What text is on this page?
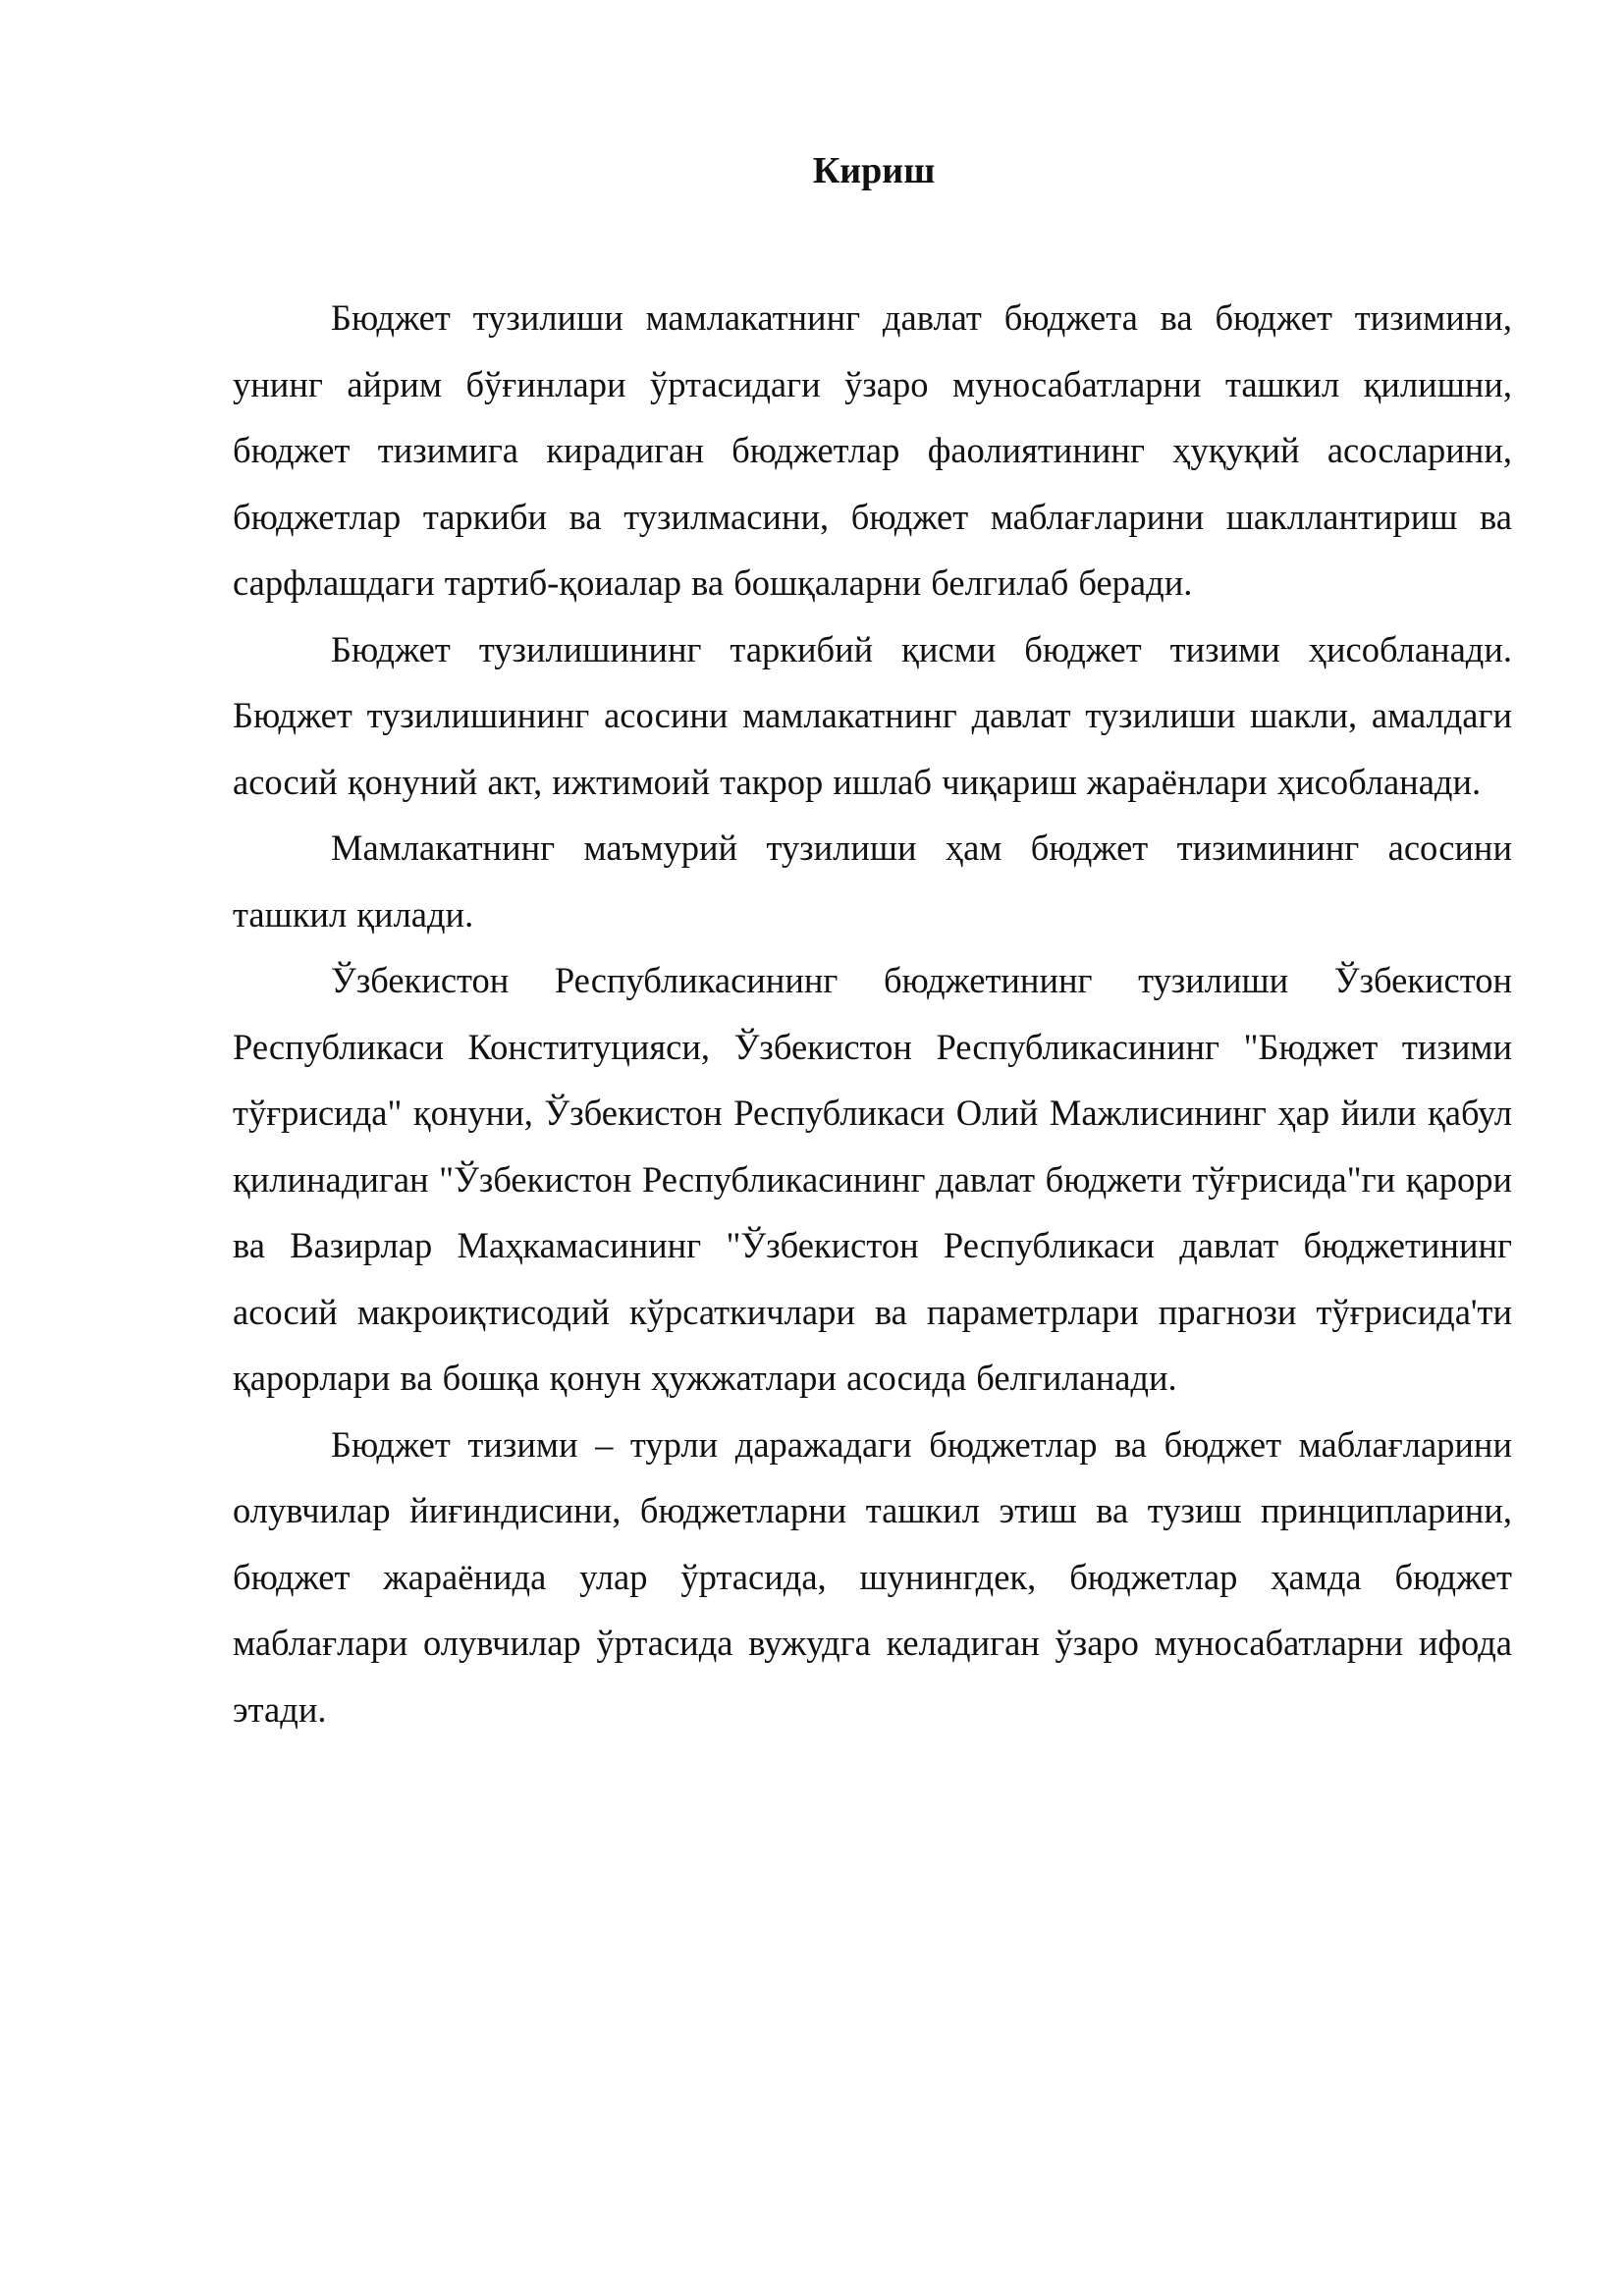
Кириш

Бюджет тузилиши мамлакатнинг давлат бюджета ва бюджет тизимини, унинг айрим бўғинлари ўртасидаги ўзаро муносабатларни ташкил қилишни, бюджет тизимига кирадиган бюджетлар фаолиятининг ҳуқуқий асосларини, бюджетлар таркиби ва тузилмасини, бюджет маблағларини шакллантириш ва сарфлашдаги тартиб-қоиалар ва бошқаларни белгилаб беради.

Бюджет тузилишининг таркибий қисми бюджет тизими ҳисобланади. Бюджет тузилишининг асосини мамлакатнинг давлат тузилиши шакли, амалдаги асосий қонуний акт, ижтимоий такрор ишлаб чиқариш жараёнлари ҳисобланади.

Мамлакатнинг маъмурий тузилиши ҳам бюджет тизимининг асосини ташкил қилади.

Ўзбекистон Республикасининг бюджетининг тузилиши Ўзбекистон Республикаси Конституцияси, Ўзбекистон Республикасининг "Бюджет тизими тўғрисида" қонуни, Ўзбекистон Республикаси Олий Мажлисининг ҳар йили қабул қилинадиган "Ўзбекистон Республикасининг давлат бюджети тўғрисида"ги қарори ва Вазирлар Маҳкамасининг "Ўзбекистон Республикаси давлат бюджетининг асосий макроиқтисодий кўрсаткичлари ва параметрлари прагнози тўғрисида'ти қарорлари ва бошқа қонун ҳужжатлари асосида белгиланади.

Бюджет тизими – турли даражадаги бюджетлар ва бюджет маблағларини олувчилар йиғиндисини, бюджетларни ташкил этиш ва тузиш принципларини, бюджет жараёнида улар ўртасида, шунингдек, бюджетлар ҳамда бюджет маблағлари олувчилар ўртасида вужудга келадиган ўзаро муносабатларни ифода этади.
